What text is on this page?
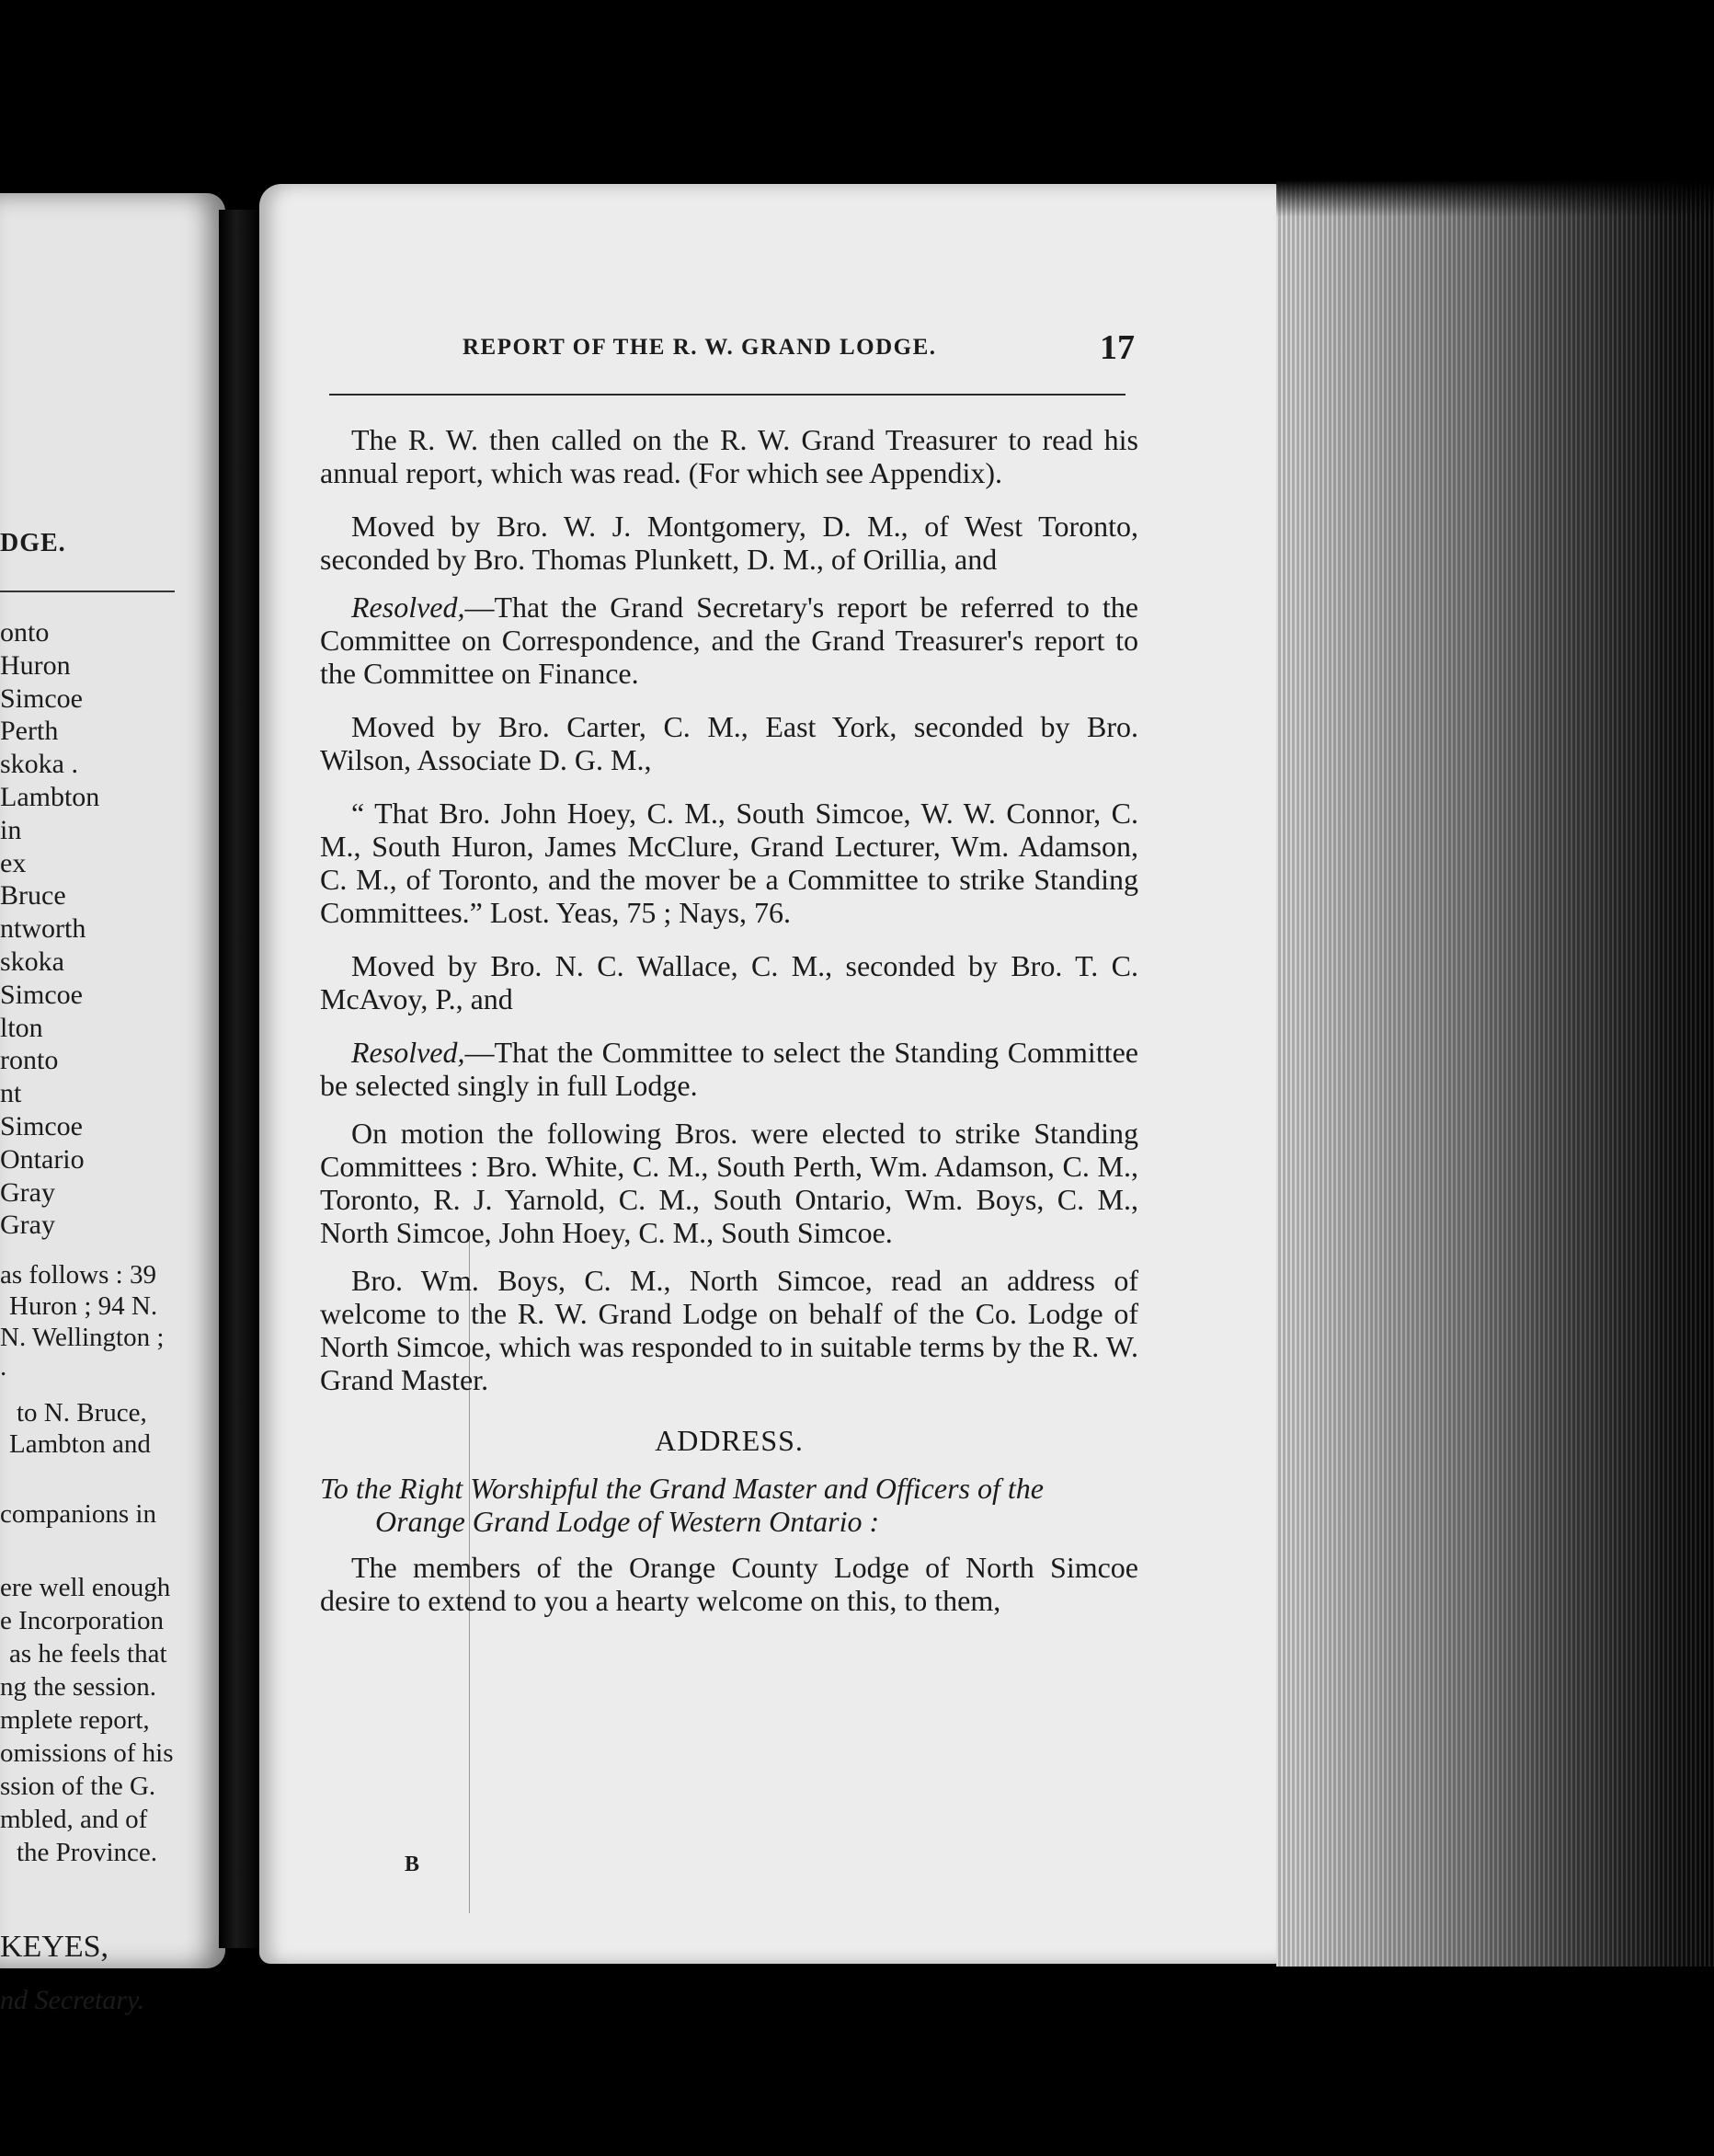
DGE.
onto
Huron
Simcoe
Perth
skoka .
Lambton
in
ex
Bruce
ntworth
skoka
Simcoe
lton
ronto
nt
Simcoe
Ontario
Gray
Gray
as follows : 39
Huron ; 94 N.
N. Wellington ;
.
to N. Bruce,
Lambton and
companions in
ere well enough
e Incorporation
as he feels that
ng the session.
mplete report,
omissions of his
ssion of the G.
mbled, and of
the Province.
KEYES,
nd Secretary.
REPORT OF THE R. W. GRAND LODGE.	17

The R. W. then called on the R. W. Grand Treasurer to read his annual report, which was read. (For which see Appendix).

Moved by Bro. W. J. Montgomery, D. M., of West Toronto, seconded by Bro. Thomas Plunkett, D. M., of Orillia, and

Resolved,—That the Grand Secretary's report be referred to the Committee on Correspondence, and the Grand Treasurer's report to the Committee on Finance.

Moved by Bro. Carter, C. M., East York, seconded by Bro. Wilson, Associate D. G. M.,

“ That Bro. John Hoey, C. M., South Simcoe, W. W. Connor, C. M., South Huron, James McClure, Grand Lecturer, Wm. Adamson, C. M., of Toronto, and the mover be a Committee to strike Standing Committees.” Lost. Yeas, 75 ; Nays, 76.

Moved by Bro. N. C. Wallace, C. M., seconded by Bro. T. C. McAvoy, P., and

Resolved,—That the Committee to select the Standing Committee be selected singly in full Lodge.

On motion the following Bros. were elected to strike Standing Committees : Bro. White, C. M., South Perth, Wm. Adamson, C. M., Toronto, R. J. Yarnold, C. M., South Ontario, Wm. Boys, C. M., North Simcoe, John Hoey, C. M., South Simcoe.

Bro. Wm. Boys, C. M., North Simcoe, read an address of welcome to the R. W. Grand Lodge on behalf of the Co. Lodge of North Simcoe, which was responded to in suitable terms by the R. W. Grand Master.

ADDRESS.
To the Right Worshipful the Grand Master and Officers of the
Orange Grand Lodge of Western Ontario :

The members of the Orange County Lodge of North Simcoe desire to extend to you a hearty welcome on this, to them,

B
